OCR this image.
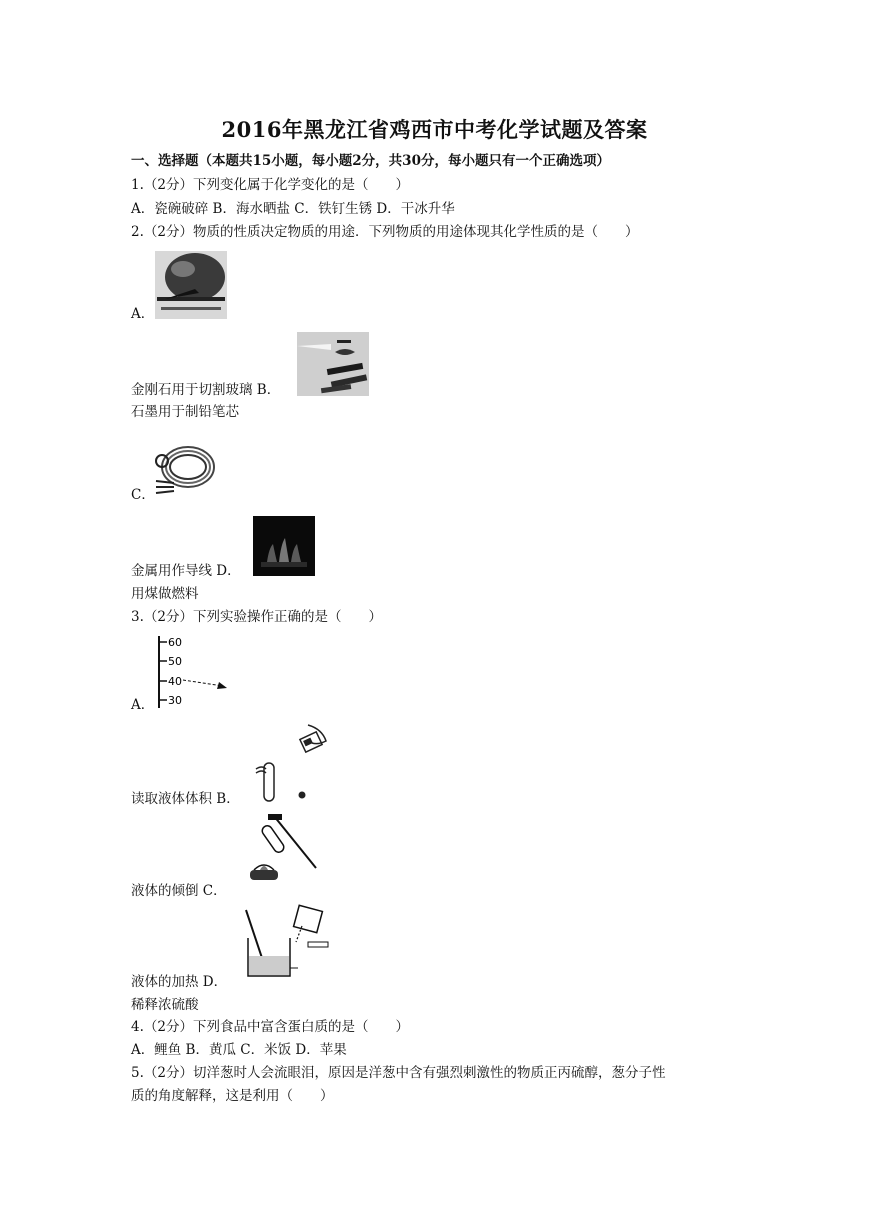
2016年黑龙江省鸡西市中考化学试题及答案
一、选择题（本题共15小题，每小题2分，共30分，每小题只有一个正确选项）
1.（2分）下列变化属于化学变化的是（　　）
A．瓷碗破碎 B．海水晒盐 C．铁钉生锈 D．干冰升华
2.（2分）物质的性质决定物质的用途．下列物质的用途体现其化学性质的是（　　）
A．
金刚石用于切割玻璃 B．
石墨用于制铅笔芯
C．
金属用作导线 D．
用煤做燃料
3.（2分）下列实验操作正确的是（　　）
60
50
40
30
A．
读取液体体积 B．
液体的倾倒 C．
液体的加热 D．
稀释浓硫酸
4.（2分）下列食品中富含蛋白质的是（　　）
A．鲤鱼 B．黄瓜 C．米饭 D．苹果
5.（2分）切洋葱时人会流眼泪，原因是洋葱中含有强烈刺激性的物质正丙硫醇，葱分子性
质的角度解释，这是利用（　　）
